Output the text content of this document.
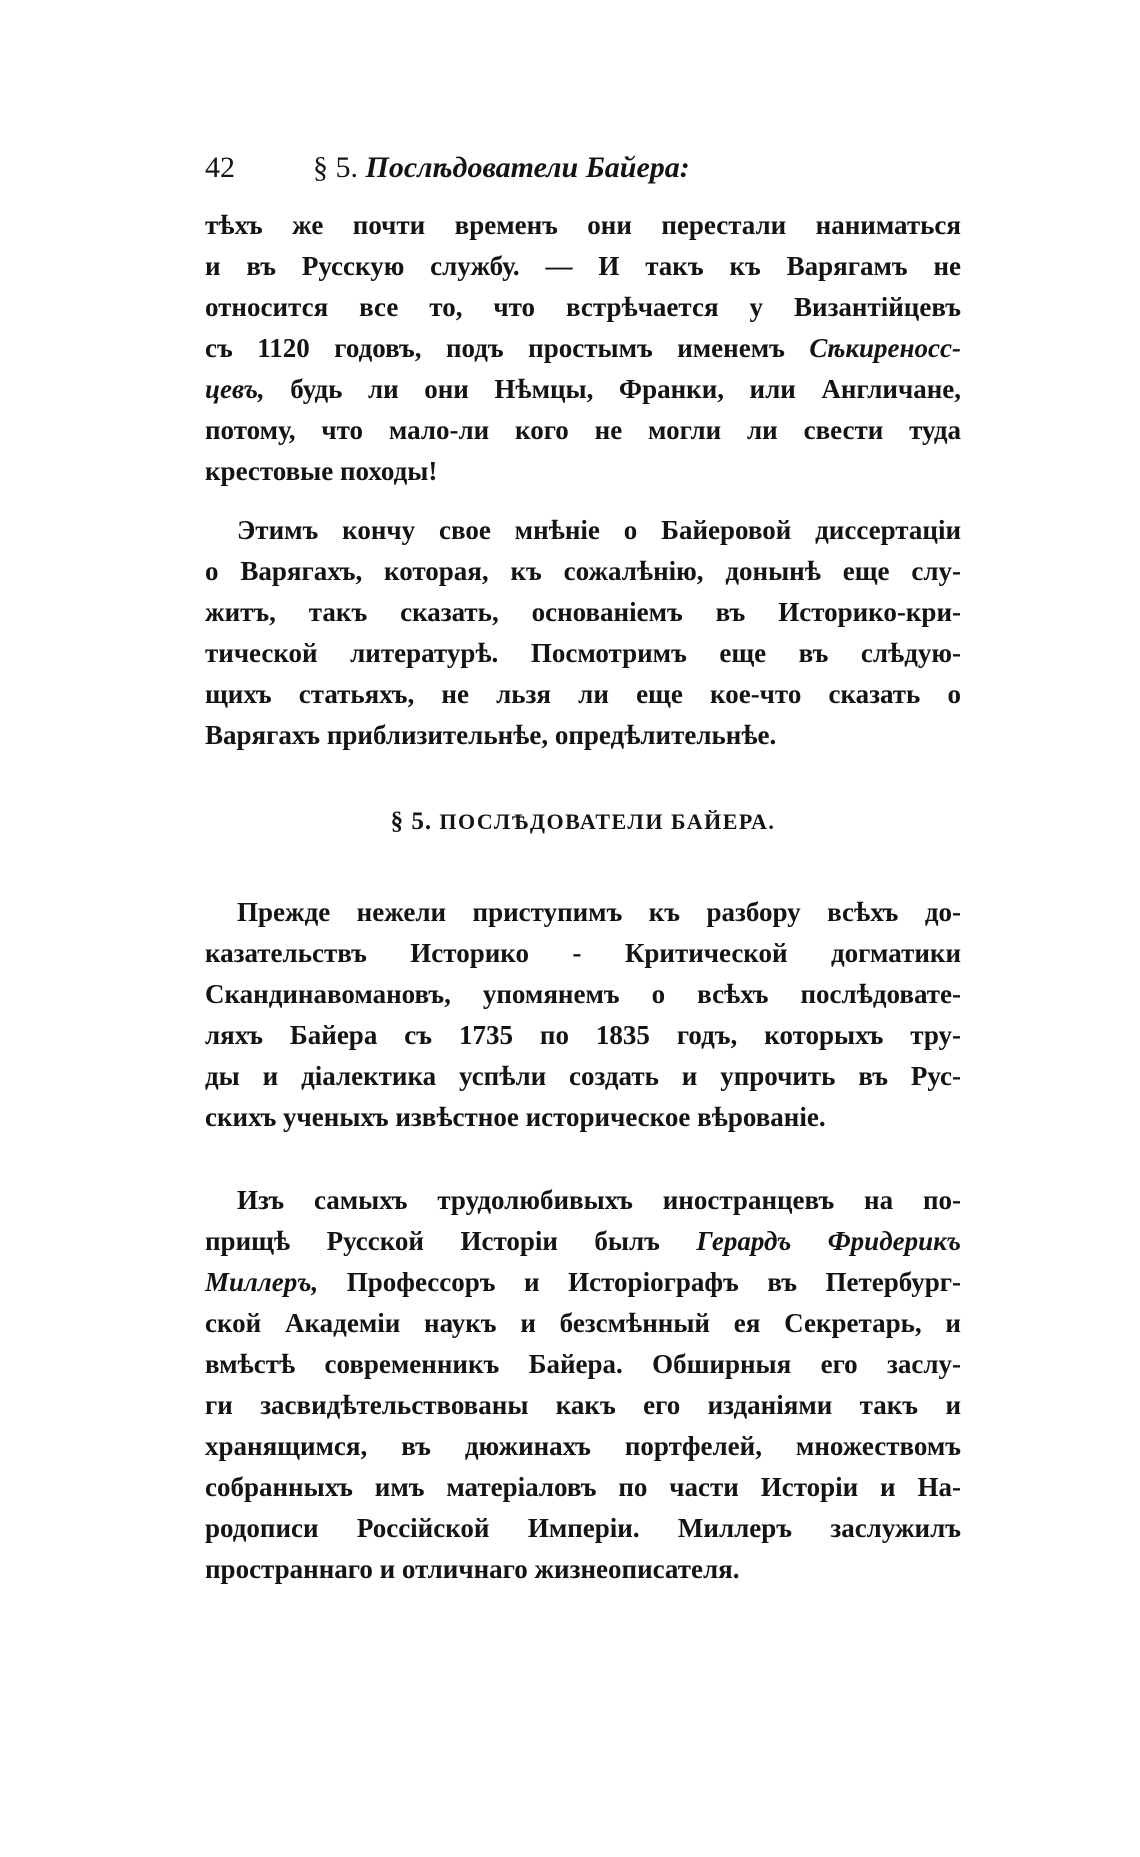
42	§ 5. Послѣдователи Байера:
тѣхъ же почти временъ они перестали наниматься
и въ Русскую службу. — И такъ къ Варягамъ не
относится все то, что встрѣчается у Византійцевъ
съ 1120 годовъ, подъ простымъ именемъ Сѣкиреносс-
цевъ, будь ли они Нѣмцы, Франки, или Англичане,
потому, что мало-ли кого не могли ли свести туда
крестовые походы!
Этимъ кончу свое мнѣніе о Байеровой диссертаціи
о Варягахъ, которая, къ сожалѣнію, донынѣ еще слу-
житъ, такъ сказать, основаніемъ въ Историко-кри-
тической литературѣ. Посмотримъ еще въ слѣдую-
щихъ статьяхъ, не льзя ли еще кое-что сказать о
Варягахъ приблизительнѣе, опредѣлительнѣе.
§ 5. ПОСЛѢДОВАТЕЛИ БАЙЕРА.
Прежде нежели приступимъ къ разбору всѣхъ до-
казательствъ Историко - Критической догматики
Скандинавомановъ, упомянемъ о всѣхъ послѣдовате-
ляхъ Байера съ 1735 по 1835 годъ, которыхъ тру-
ды и діалектика успѣли создать и упрочить въ Рус-
скихъ ученыхъ извѣстное историческое вѣрованіе.
Изъ самыхъ трудолюбивыхъ иностранцевъ на по-
прищѣ Русской Исторіи былъ Герардъ Фридерикъ
Миллеръ, Профессоръ и Исторіографъ въ Петербург-
ской Академіи наукъ и безсмѣнный ея Секретарь, и
вмѣстѣ современникъ Байера. Обширныя его заслу-
ги засвидѣтельствованы какъ его изданіями такъ и
хранящимся, въ дюжинахъ портфелей, множествомъ
собранныхъ имъ матеріаловъ по части Исторіи и На-
родописи Россійской Имперіи. Миллеръ заслужилъ
пространнаго и отличнаго жизнеописателя.
